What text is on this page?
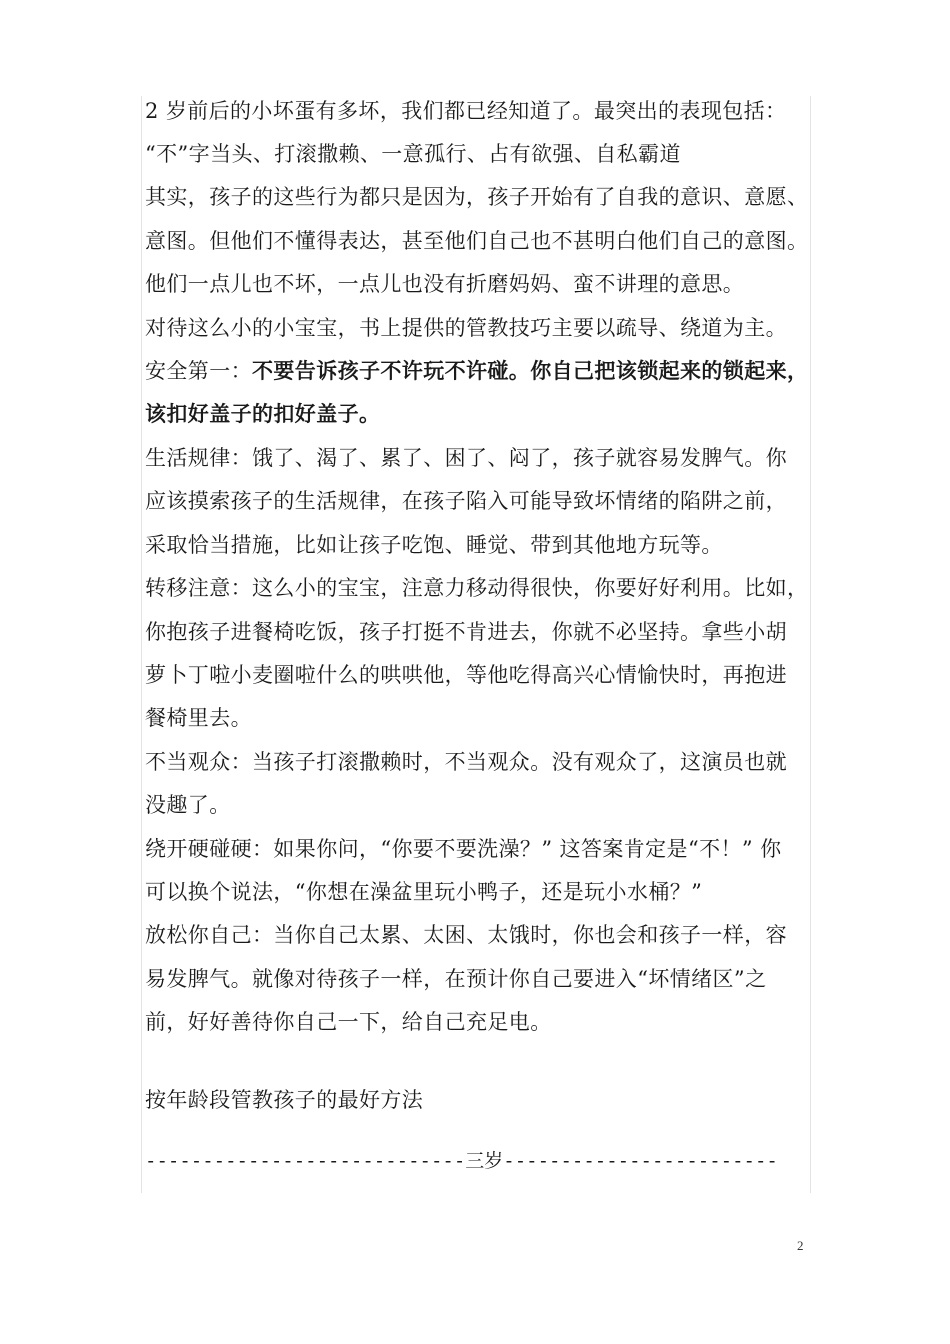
2 岁前后的小坏蛋有多坏，我们都已经知道了。最突出的表现包括：
“不”字当头、打滚撒赖、一意孤行、占有欲强、自私霸道
其实，孩子的这些行为都只是因为，孩子开始有了自我的意识、意愿、
意图。但他们不懂得表达，甚至他们自己也不甚明白他们自己的意图。
他们一点儿也不坏，一点儿也没有折磨妈妈、蛮不讲理的意思。
对待这么小的小宝宝，书上提供的管教技巧主要以疏导、绕道为主。
安全第一：不要告诉孩子不许玩不许碰。你自己把该锁起来的锁起来，
该扣好盖子的扣好盖子。
生活规律：饿了、渴了、累了、困了、闷了，孩子就容易发脾气。你
应该摸索孩子的生活规律，在孩子陷入可能导致坏情绪的陷阱之前，
采取恰当措施，比如让孩子吃饱、睡觉、带到其他地方玩等。
转移注意：这么小的宝宝，注意力移动得很快，你要好好利用。比如，
你抱孩子进餐椅吃饭，孩子打挺不肯进去，你就不必坚持。拿些小胡
萝卜丁啦小麦圈啦什么的哄哄他，等他吃得高兴心情愉快时，再抱进
餐椅里去。
不当观众：当孩子打滚撒赖时，不当观众。没有观众了，这演员也就
没趣了。
绕开硬碰硬：如果你问，“你要不要洗澡？” 这答案肯定是“不！” 你
可以换个说法，“你想在澡盆里玩小鸭子，还是玩小水桶？”
放松你自己：当你自己太累、太困、太饿时，你也会和孩子一样，容
易发脾气。就像对待孩子一样，在预计你自己要进入“坏情绪区”之
前，好好善待你自己一下，给自己充足电。
按年龄段管教孩子的最好方法
----------------------------三岁------------------------
2
